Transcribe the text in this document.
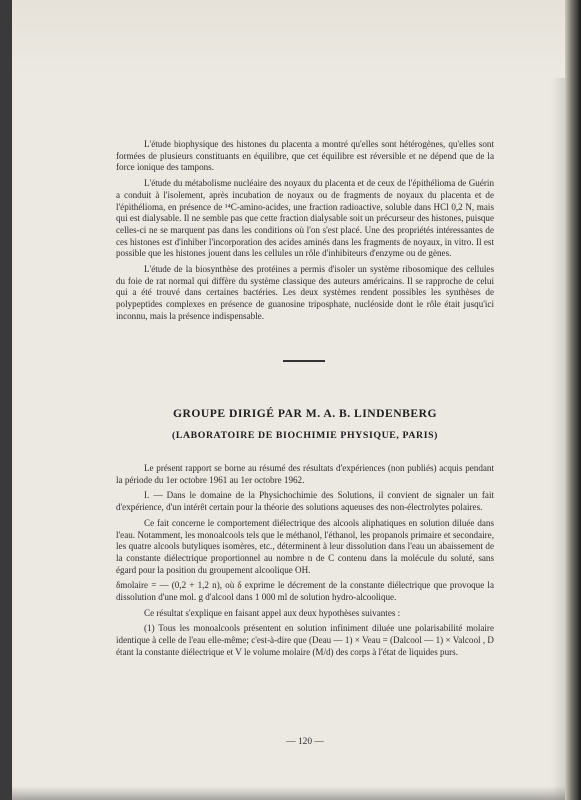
L'étude biophysique des histones du placenta a montré qu'elles sont hétérogènes, qu'elles sont formées de plusieurs constituants en équilibre, que cet équilibre est réversible et ne dépend que de la force ionique des tampons.

L'étude du métabolisme nucléaire des noyaux du placenta et de ceux de l'épithélioma de Guérin a conduit à l'isolement, après incubation de noyaux ou de fragments de noyaux du placenta et de l'épithélioma, en présence de ¹⁴C-amino-acides, une fraction radioactive, soluble dans HCl 0,2 N, mais qui est dialysable. Il ne semble pas que cette fraction dialysable soit un précurseur des histones, puisque celles-ci ne se marquent pas dans les conditions où l'on s'est placé. Une des propriétés intéressantes de ces histones est d'inhiber l'incorporation des acides aminés dans les fragments de noyaux, in vitro. Il est possible que les histones jouent dans les cellules un rôle d'inhibiteurs d'enzyme ou de gènes.

L'étude de la biosynthèse des protéines a permis d'isoler un système ribosomique des cellules du foie de rat normal qui diffère du système classique des auteurs américains. Il se rapproche de celui qui a été trouvé dans certaines bactéries. Les deux systèmes rendent possibles les synthèses de polypeptides complexes en présence de guanosine triposphate, nucléoside dont le rôle était jusqu'ici inconnu, mais la présence indispensable.

GROUPE DIRIGÉ PAR M. A. B. LINDENBERG
(LABORATOIRE DE BIOCHIMIE PHYSIQUE, PARIS)

Le présent rapport se borne au résumé des résultats d'expériences (non publiés) acquis pendant la période du 1er octobre 1961 au 1er octobre 1962.

I. — Dans le domaine de la Physichochimie des Solutions, il convient de signaler un fait d'expérience, d'un intérêt certain pour la théorie des solutions aqueuses des non-électrolytes polaires.

Ce fait concerne le comportement diélectrique des alcools aliphatiques en solution diluée dans l'eau. Notamment, les monoalcools tels que le méthanol, l'éthanol, les propanols primaire et secondaire, les quatre alcools butyliques isomères, etc., déterminent à leur dissolution dans l'eau un abaissement de la constante diélectrique proportionnel au nombre n de C contenu dans la molécule du soluté, sans égard pour la position du groupement alcoolique OH.

δmolaire = — (0,2 + 1,2 n), où δ exprime le décrement de la constante diélectrique que provoque la dissolution d'une mol. g d'alcool dans 1 000 ml de solution hydro-alcoolique.

Ce résultat s'explique en faisant appel aux deux hypothèses suivantes :

(1) Tous les monoalcools présentent en solution infiniment diluée une polarisabilité molaire identique à celle de l'eau elle-même; c'est-à-dire que (Deau — 1) × Veau = (Dalcool — 1) × Valcool , D étant la constante diélectrique et V le volume molaire (M/d) des corps à l'état de liquides purs.

— 120 —
